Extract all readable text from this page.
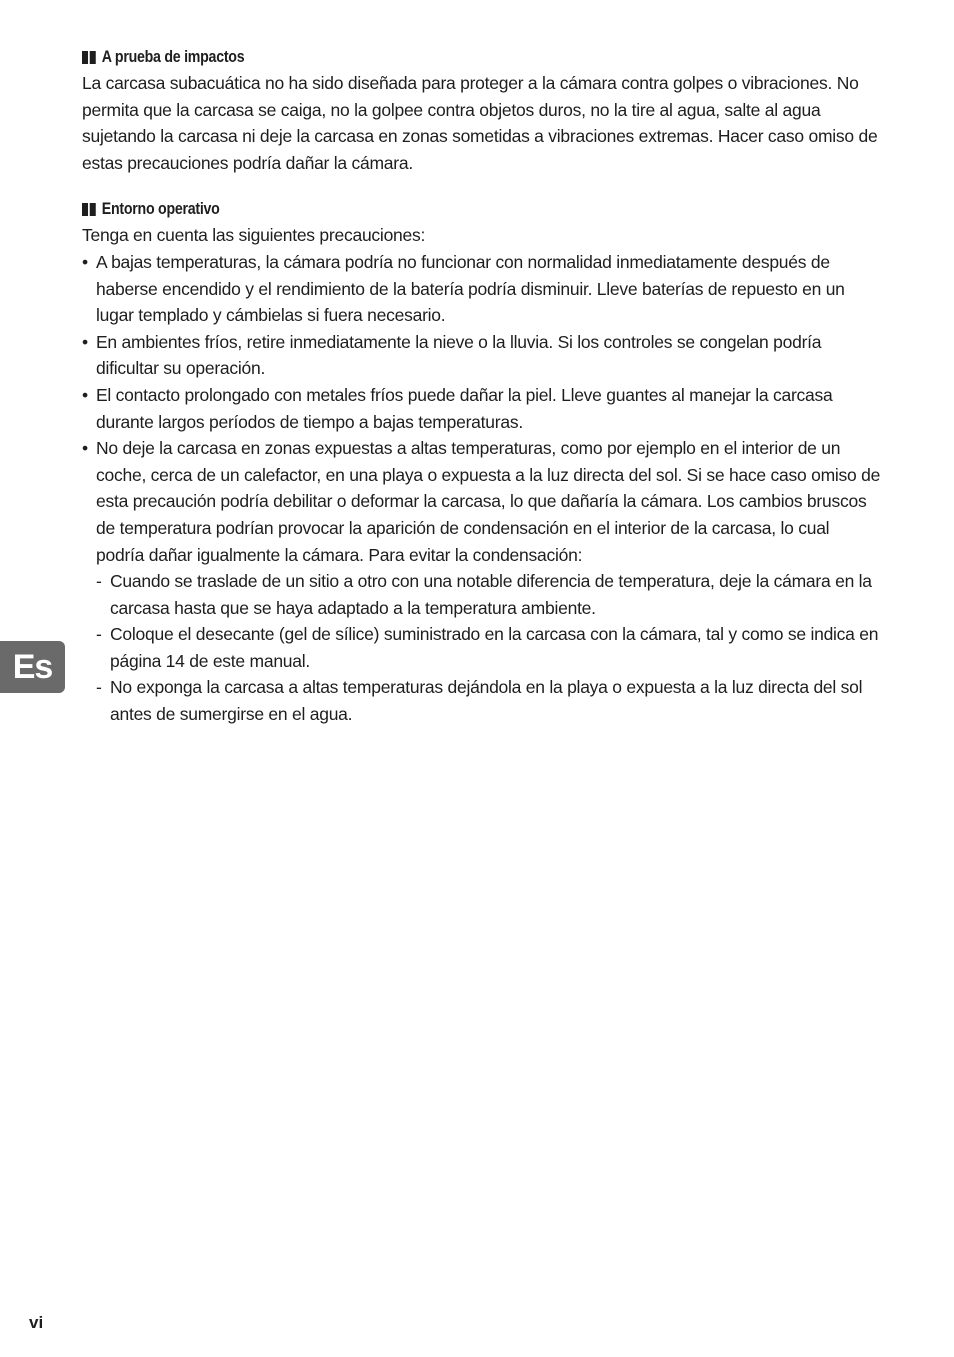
A prueba de impactos

La carcasa subacuática no ha sido diseñada para proteger a la cámara contra golpes o vibraciones. No permita que la carcasa se caiga, no la golpee contra objetos duros, no la tire al agua, salte al agua sujetando la carcasa ni deje la carcasa en zonas sometidas a vibraciones extremas. Hacer caso omiso de estas precauciones podría dañar la cámara.

Entorno operativo

Tenga en cuenta las siguientes precauciones:

• A bajas temperaturas, la cámara podría no funcionar con normalidad inmediatamente después de haberse encendido y el rendimiento de la batería podría disminuir. Lleve baterías de repuesto en un lugar templado y cámbielas si fuera necesario.
• En ambientes fríos, retire inmediatamente la nieve o la lluvia. Si los controles se congelan podría dificultar su operación.
• El contacto prolongado con metales fríos puede dañar la piel. Lleve guantes al manejar la carcasa durante largos períodos de tiempo a bajas temperaturas.
• No deje la carcasa en zonas expuestas a altas temperaturas, como por ejemplo en el interior de un coche, cerca de un calefactor, en una playa o expuesta a la luz directa del sol. Si se hace caso omiso de esta precaución podría debilitar o deformar la carcasa, lo que dañaría la cámara. Los cambios bruscos de temperatura podrían provocar la aparición de condensación en el interior de la carcasa, lo cual podría dañar igualmente la cámara. Para evitar la condensación:
- Cuando se traslade de un sitio a otro con una notable diferencia de temperatura, deje la cámara en la carcasa hasta que se haya adaptado a la temperatura ambiente.
- Coloque el desecante (gel de sílice) suministrado en la carcasa con la cámara, tal y como se indica en página 14 de este manual.
- No exponga la carcasa a altas temperaturas dejándola en la playa o expuesta a la luz directa del sol antes de sumergirse en el agua.
Es
vi
